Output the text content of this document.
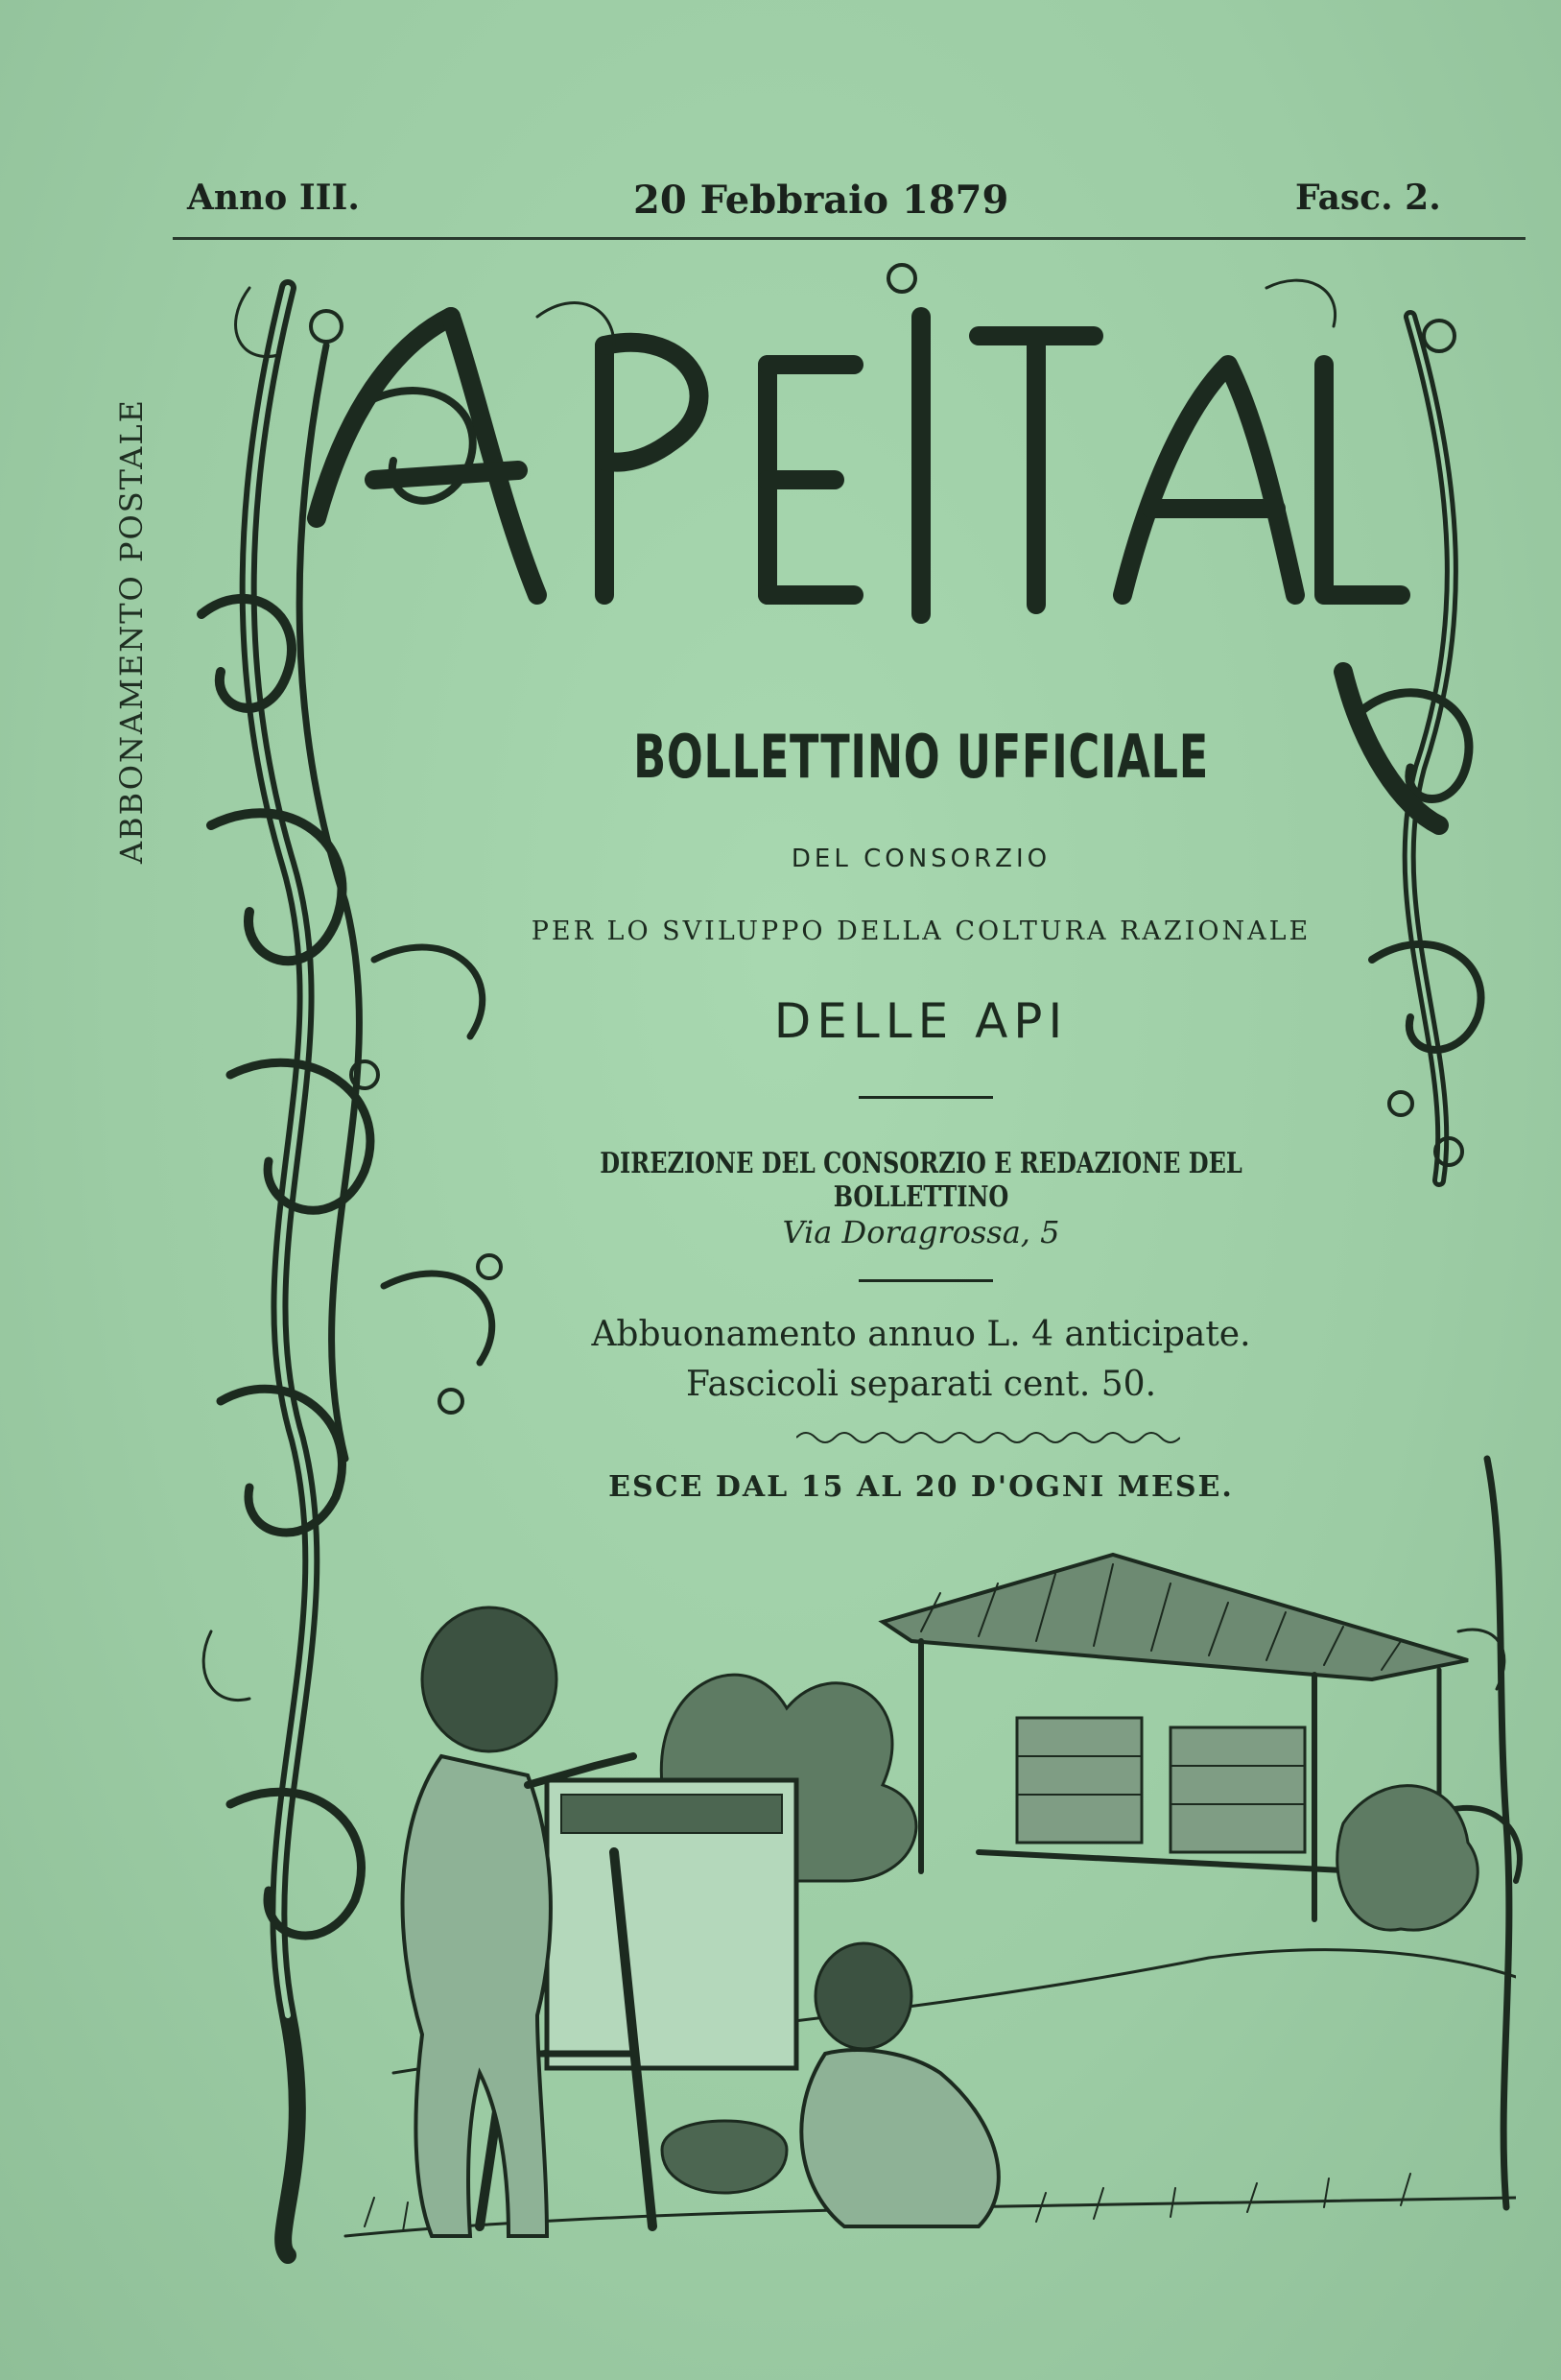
Anno III.	20 Febbraio 1879	Fasc. 2.
ABBONAMENTO POSTALE	BOLLETTINO UFFICIALE
DEL CONSORZIO
PER LO SVILUPPO DELLA COLTURA RAZIONALE
DELLE API
DIREZIONE DEL CONSORZIO E REDAZIONE DEL BOLLETTINO
Via Doragrossa, 5
Abbuonamento annuo L. 4 anticipate.
Fascicoli separati cent. 50.
ESCE DAL 15 AL 20 D'OGNI MESE.
